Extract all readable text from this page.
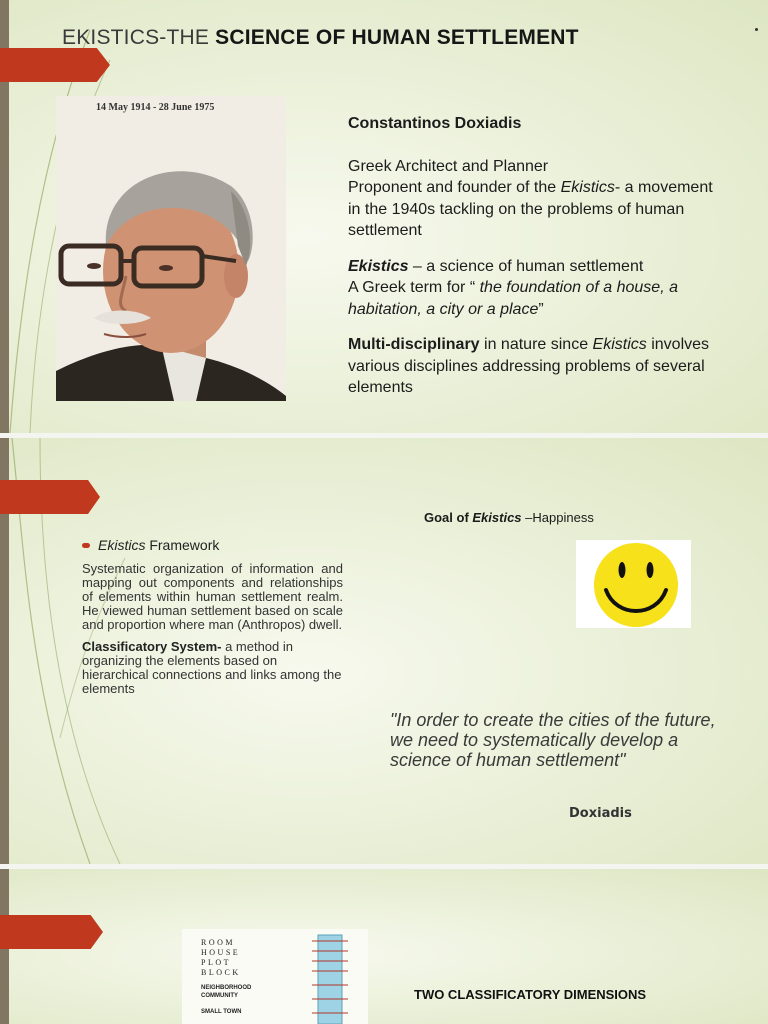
EKISTICS-THE SCIENCE OF HUMAN SETTLEMENT
14 May 1914 - 28 June 1975

Constantinos Doxiadis

Greek Architect and Planner
Proponent and founder of the Ekistics- a movement in the 1940s tackling on the problems of human settlement

Ekistics – a science of human settlement
A Greek term for “ the foundation of a house, a habitation, a city or a place”

Multi-disciplinary in nature since Ekistics involves various disciplines addressing problems of several elements

Goal of Ekistics –Happiness
Ekistics Framework
Systematic organization of information and mapping out components and relationships of elements within human settlement realm. He viewed human settlement based on scale and proportion where man (Anthropos) dwell.
Classificatory System- a method in organizing the elements based on hierarchical connections and links among the elements
"In order to create the cities of the future, we need to systematically develop a science of human settlement"
Doxiadis
ROOM
HOUSE
PLOT
BLOCK
NEIGHBORHOOD
COMMUNITY
SMALL TOWN
TWO CLASSIFICATORY DIMENSIONS
